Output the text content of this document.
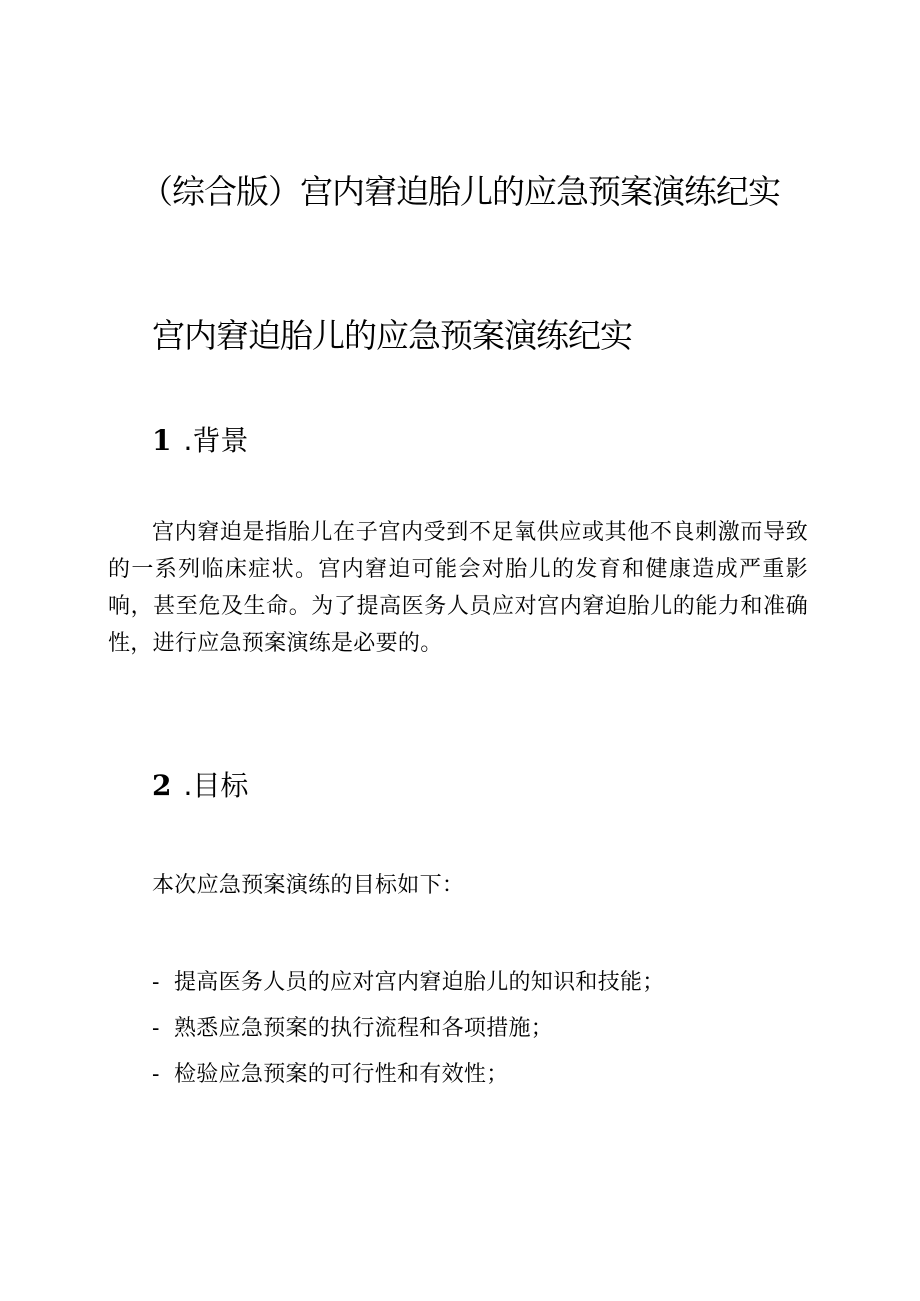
（综合版）宫内窘迫胎儿的应急预案演练纪实
宫内窘迫胎儿的应急预案演练纪实
1 .背景

宫内窘迫是指胎儿在子宫内受到不足氧供应或其他不良刺激而导致的一系列临床症状。宫内窘迫可能会对胎儿的发育和健康造成严重影响，甚至危及生命。为了提高医务人员应对宫内窘迫胎儿的能力和准确性，进行应急预案演练是必要的。

2 .目标

本次应急预案演练的目标如下：

- 提高医务人员的应对宫内窘迫胎儿的知识和技能；
- 熟悉应急预案的执行流程和各项措施；
- 检验应急预案的可行性和有效性；
